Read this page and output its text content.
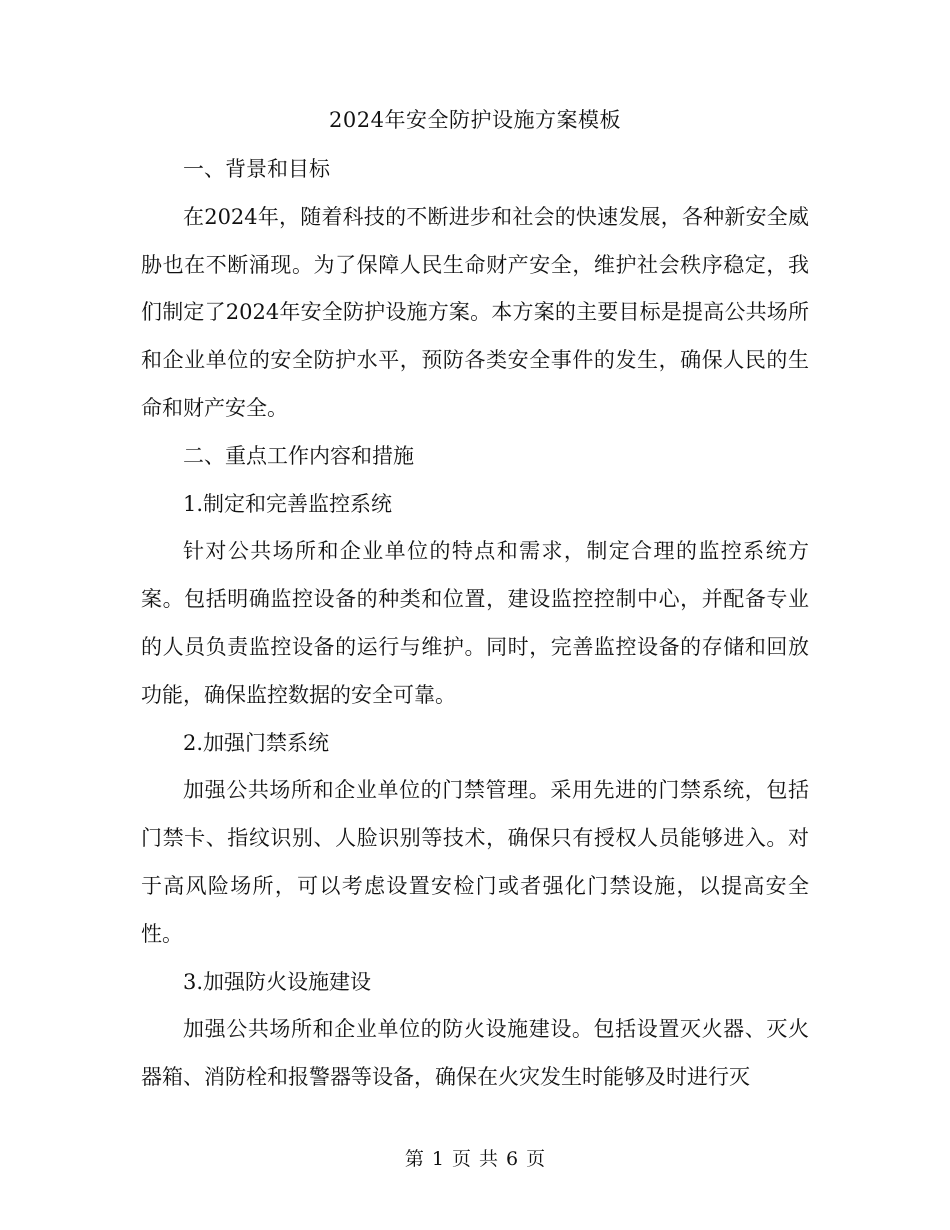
2024年安全防护设施方案模板

一、背景和目标

在2024年，随着科技的不断进步和社会的快速发展，各种新安全威胁也在不断涌现。为了保障人民生命财产安全，维护社会秩序稳定，我们制定了2024年安全防护设施方案。本方案的主要目标是提高公共场所和企业单位的安全防护水平，预防各类安全事件的发生，确保人民的生命和财产安全。

二、重点工作内容和措施

1.制定和完善监控系统

针对公共场所和企业单位的特点和需求，制定合理的监控系统方案。包括明确监控设备的种类和位置，建设监控控制中心，并配备专业的人员负责监控设备的运行与维护。同时，完善监控设备的存储和回放功能，确保监控数据的安全可靠。

2.加强门禁系统

加强公共场所和企业单位的门禁管理。采用先进的门禁系统，包括门禁卡、指纹识别、人脸识别等技术，确保只有授权人员能够进入。对于高风险场所，可以考虑设置安检门或者强化门禁设施，以提高安全性。

3.加强防火设施建设

加强公共场所和企业单位的防火设施建设。包括设置灭火器、灭火器箱、消防栓和报警器等设备，确保在火灾发生时能够及时进行灭

第 1 页 共 6 页
